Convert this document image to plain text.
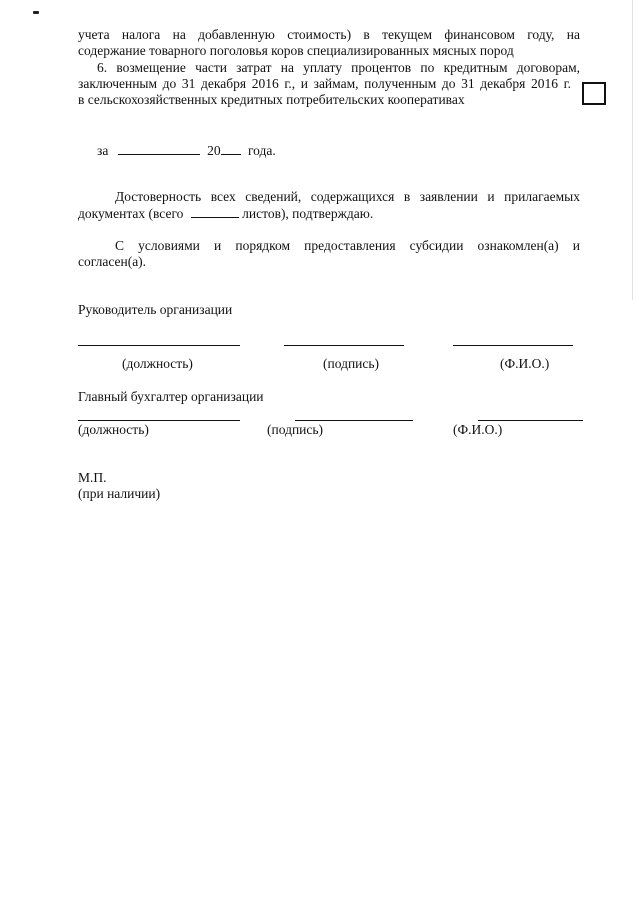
учета налога на добавленную стоимость) в текущем финансовом году, на
содержание товарного поголовья коров специализированных мясных пород
6. возмещение части затрат на уплату процентов по кредитным договорам,
заключенным до 31 декабря 2016 г., и займам, полученным до 31 декабря 2016 г.
в сельскохозяйственных кредитных потребительских кооперативах
за	20 года.
Достоверность всех сведений, содержащихся в заявлении и прилагаемых
документах (всего	листов), подтверждаю.
С условиями и порядком предоставления субсидии ознакомлен(а) и
согласен(а).
Руководитель организации
(должность)	(подпись)	(Ф.И.О.)
Главный бухгалтер организации
(должность)	(подпись)	(Ф.И.О.)
М.П.
(при наличии)
